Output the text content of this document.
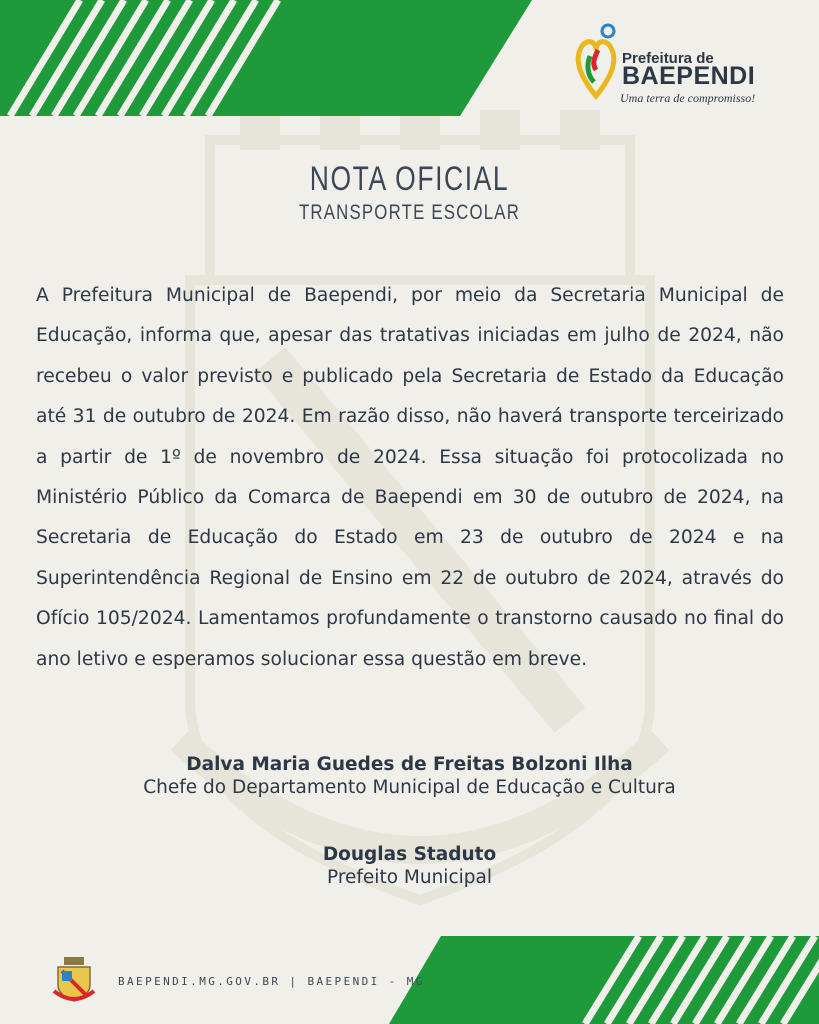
Prefeitura de
BAEPENDI
Uma terra de compromisso!
NOTA OFICIAL
TRANSPORTE ESCOLAR
A Prefeitura Municipal de Baependi, por meio da Secretaria Municipal de Educação, informa que, apesar das tratativas iniciadas em julho de 2024, não recebeu o valor previsto e publicado pela Secretaria de Estado da Educação até 31 de outubro de 2024. Em razão disso, não haverá transporte terceirizado a partir de 1º de novembro de 2024. Essa situação foi protocolizada no Ministério Público da Comarca de Baependi em 30 de outubro de 2024, na Secretaria de Educação do Estado em 23 de outubro de 2024 e na Superintendência Regional de Ensino em 22 de outubro de 2024, através do Ofício 105/2024. Lamentamos profundamente o transtorno causado no final do ano letivo e esperamos solucionar essa questão em breve.
Dalva Maria Guedes de Freitas Bolzoni Ilha
Chefe do Departamento Municipal de Educação e Cultura
Douglas Staduto
Prefeito Municipal
BAEPENDI.MG.GOV.BR | BAEPENDI - MG
